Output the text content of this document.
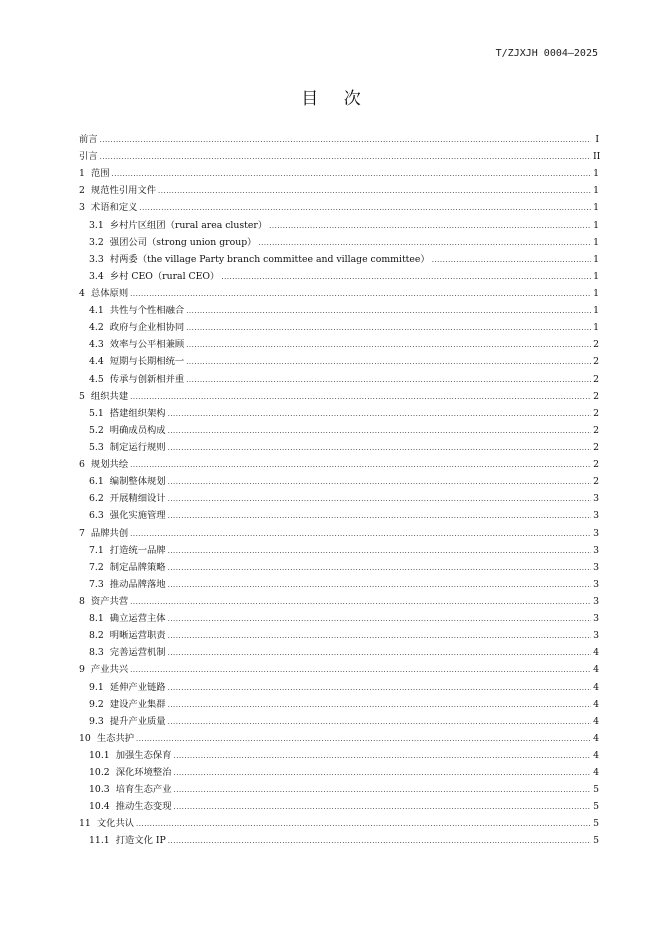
T/ZJXJH 0004—2025
目 次
前言 .....	I
引言 .....	II
1 范围 .....	1
2 规范性引用文件 .....	1
3 术语和定义 .....	1
3.1 乡村片区组团（rural area cluster） .....	1
3.2 强团公司（strong union group） .....	1
3.3 村两委（the village Party branch committee and village committee） .....	1
3.4 乡村 CEO（rural CEO） .....	1
4 总体原则 .....	1
4.1 共性与个性相融合 .....	1
4.2 政府与企业相协同 .....	1
4.3 效率与公平相兼顾 .....	2
4.4 短期与长期相统一 .....	2
4.5 传承与创新相并重 .....	2
5 组织共建 .....	2
5.1 搭建组织架构 .....	2
5.2 明确成员构成 .....	2
5.3 制定运行规则 .....	2
6 规划共绘 .....	2
6.1 编制整体规划 .....	2
6.2 开展精细设计 .....	3
6.3 强化实施管理 .....	3
7 品牌共创 .....	3
7.1 打造统一品牌 .....	3
7.2 制定品牌策略 .....	3
7.3 推动品牌落地 .....	3
8 资产共营 .....	3
8.1 确立运营主体 .....	3
8.2 明晰运营职责 .....	3
8.3 完善运营机制 .....	4
9 产业共兴 .....	4
9.1 延伸产业链路 .....	4
9.2 建设产业集群 .....	4
9.3 提升产业质量 .....	4
10 生态共护 .....	4
10.1 加强生态保育 .....	4
10.2 深化环境整治 .....	4
10.3 培育生态产业 .....	5
10.4 推动生态变现 .....	5
11 文化共认 .....	5
11.1 打造文化 IP .....	5
